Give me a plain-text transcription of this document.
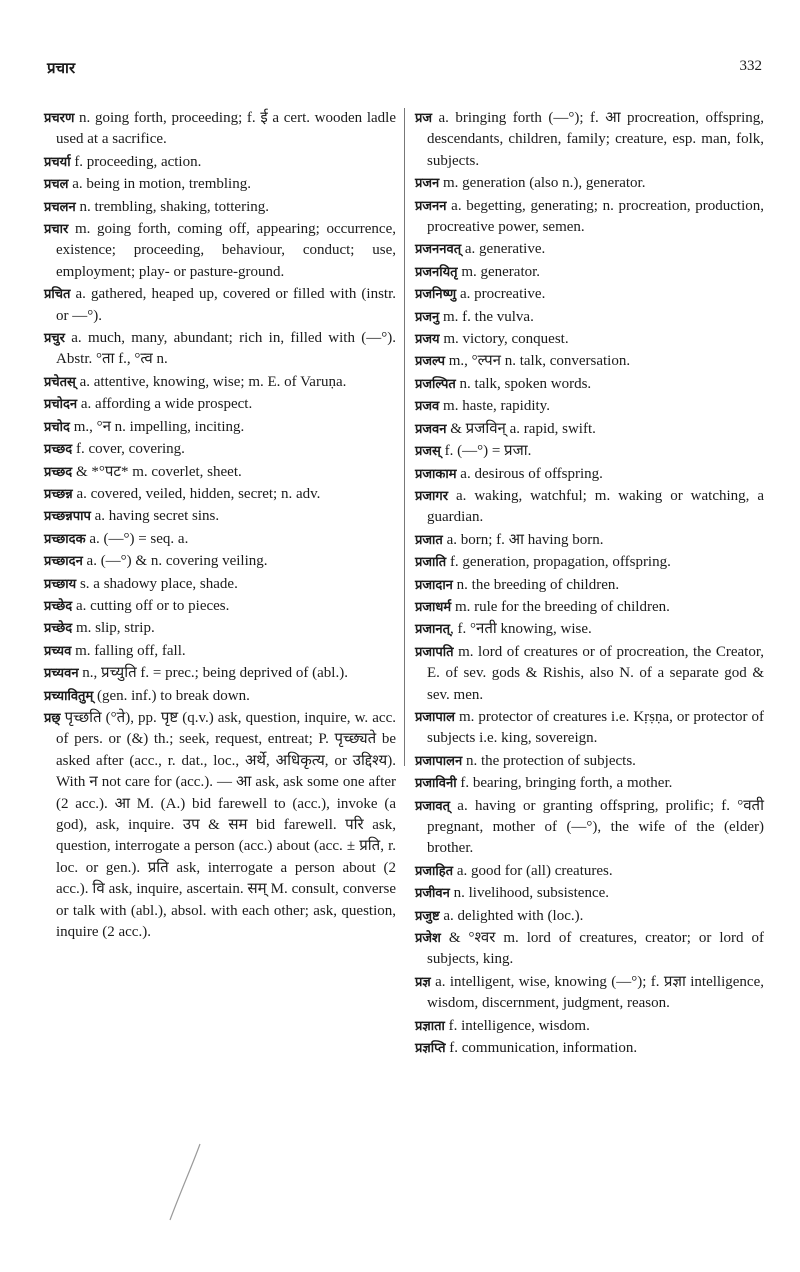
प्रचार	332

प्रचरण n. going forth, proceeding; f. ई a cert. wooden ladle used at a sacrifice.

प्रचर्या f. proceeding, action.

प्रचल a. being in motion, trembling.

प्रचलन n. trembling, shaking, tottering.

प्रचार m. going forth, coming off, appearing; occurrence, existence; proceeding, behaviour, conduct; use, employment; play- or pasture-ground.

प्रचित a. gathered, heaped up, covered or filled with (instr. or —°).

प्रचुर a. much, many, abundant; rich in, filled with (—°). Abstr. °ता f., °त्व n.

प्रचेतस् a. attentive, knowing, wise; m. E. of Varuṇa.

प्रचोदन a. affording a wide prospect.

प्रचोद m., °न n. impelling, inciting.

प्रच्छद f. cover, covering.

प्रच्छद & *°पट* m. coverlet, sheet.

प्रच्छन्न a. covered, veiled, hidden, secret; n. adv.

प्रच्छन्नपाप a. having secret sins.

प्रच्छादक a. (—°) = seq. a.

प्रच्छादन a. (—°) & n. covering veiling.

प्रच्छाय s. a shadowy place, shade.

प्रच्छेद a. cutting off or to pieces.

प्रच्छेद m. slip, strip.

प्रच्यव m. falling off, fall.

प्रच्यवन n., प्रच्युति f. = prec.; being deprived of (abl.).

प्रच्यावितुम् (gen. inf.) to break down.

प्रछ् पृच्छति (°ते), pp. पृष्ट (q.v.) ask, question, inquire, w. acc. of pers. or (&) th.; seek, request, entreat; P. पृच्छ्यते be asked after (acc., r. dat., loc., अर्थे, अधिकृत्य, or उद्दिश्य). With न not care for (acc.). — आ ask, ask some one after (2 acc.). आ M. (A.) bid farewell to (acc.), invoke (a god), ask, inquire. उप & सम bid farewell. परि ask, question, interrogate a person (acc.) about (acc. ± प्रति, r. loc. or gen.). प्रति ask, interrogate a person about (2 acc.). वि ask, inquire, ascertain. सम् M. consult, converse or talk with (abl.), absol. with each other; ask, question, inquire (2 acc.).

प्रज a. bringing forth (—°); f. आ procreation, offspring, descendants, children, family; creature, esp. man, folk, subjects.

प्रजन m. generation (also n.), generator.

प्रजनन a. begetting, generating; n. procreation, production, procreative power, semen.

प्रजननवत् a. generative.

प्रजनयितृ m. generator.

प्रजनिष्णु a. procreative.

प्रजनु m. f. the vulva.

प्रजय m. victory, conquest.

प्रजल्प m., °ल्पन n. talk, conversation.

प्रजल्पित n. talk, spoken words.

प्रजव m. haste, rapidity.

प्रजवन & प्रजविन् a. rapid, swift.

प्रजस् f. (—°) = प्रजा.

प्रजाकाम a. desirous of offspring.

प्रजागर a. waking, watchful; m. waking or watching, a guardian.

प्रजात a. born; f. आ having born.

प्रजाति f. generation, propagation, offspring.

प्रजादान n. the breeding of children.

प्रजाधर्म m. rule for the breeding of children.

प्रजानत्, f. °नती knowing, wise.

प्रजापति m. lord of creatures or of procreation, the Creator, E. of sev. gods & Rishis, also N. of a separate god & sev. men.

प्रजापाल m. protector of creatures i.e. Kṛṣṇa, or protector of subjects i.e. king, sovereign.

प्रजापालन n. the protection of subjects.

प्रजाविनी f. bearing, bringing forth, a mother.

प्रजावत् a. having or granting offspring, prolific; f. °वती pregnant, mother of (—°), the wife of the (elder) brother.

प्रजाहित a. good for (all) creatures.

प्रजीवन n. livelihood, subsistence.

प्रजुष्ट a. delighted with (loc.).

प्रजेश & °श्वर m. lord of creatures, creator; or lord of subjects, king.

प्रज्ञ a. intelligent, wise, knowing (—°); f. प्रज्ञा intelligence, wisdom, discernment, judgment, reason.

प्रज्ञाता f. intelligence, wisdom.

प्रज्ञप्ति f. communication, information.
